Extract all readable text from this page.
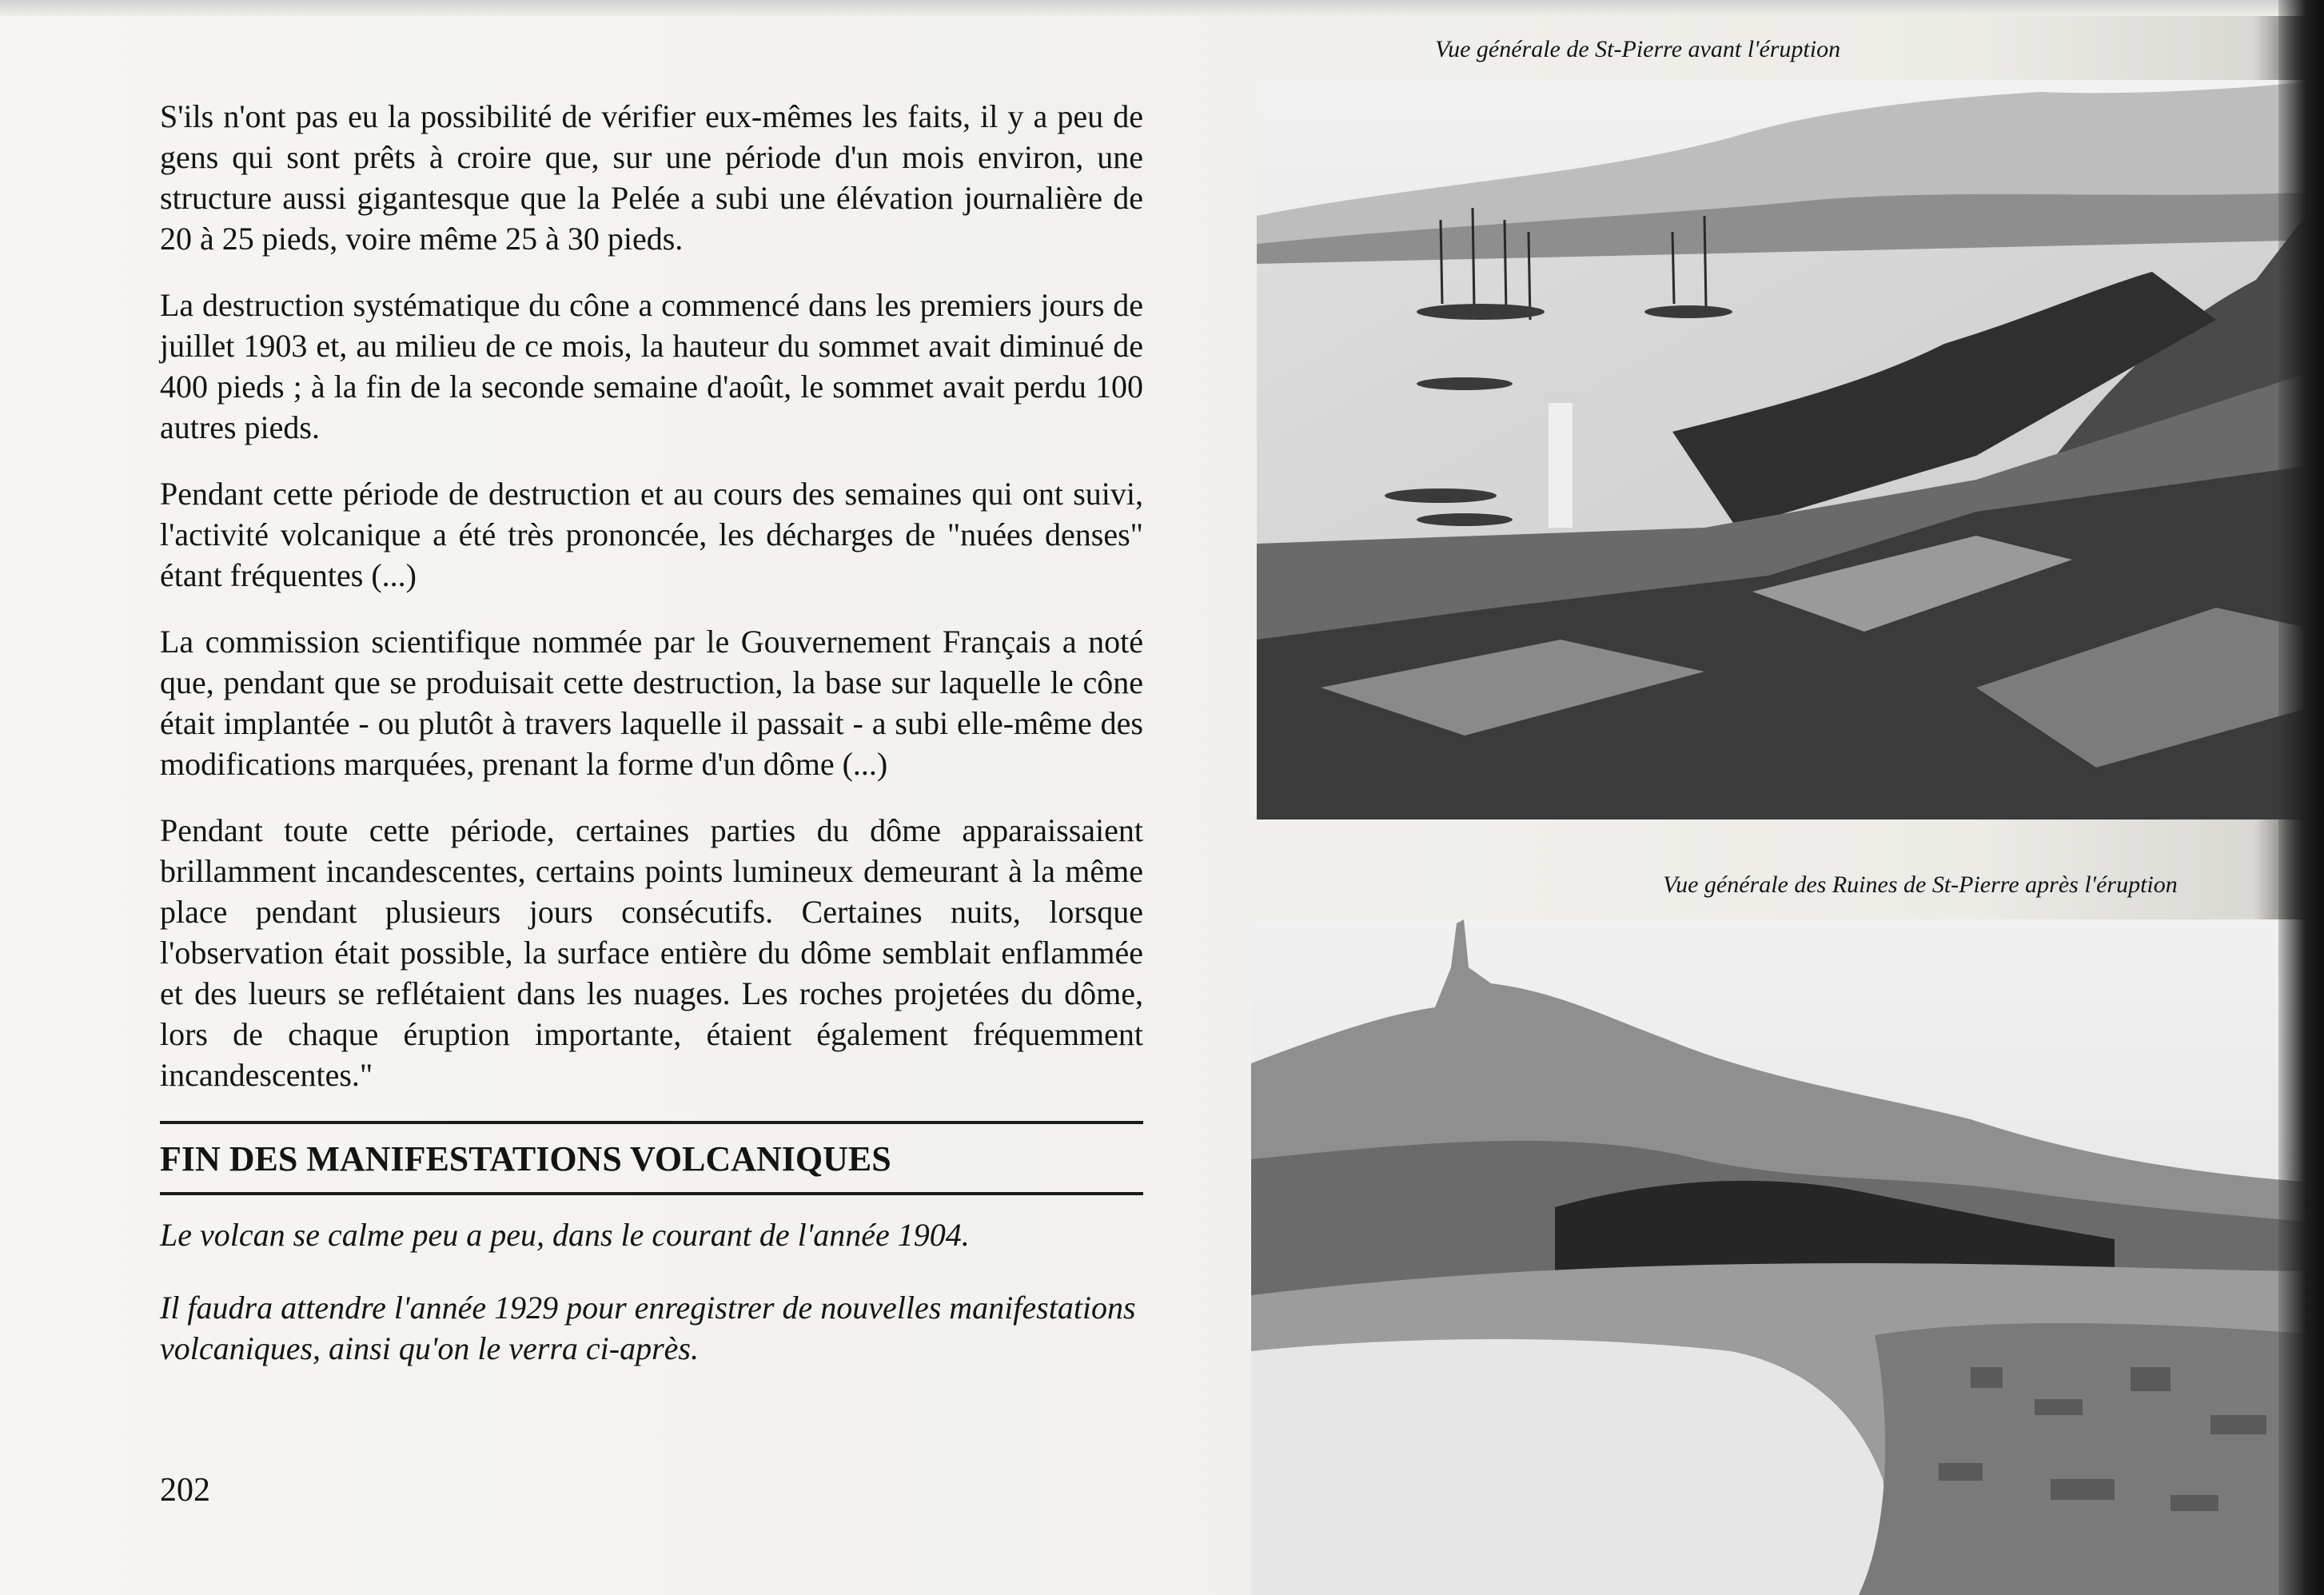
S'ils n'ont pas eu la possibilité de vérifier eux-mêmes les faits, il y a peu de gens qui sont prêts à croire que, sur une période d'un mois environ, une structure aussi gigantesque que la Pelée a subi une élévation journalière de 20 à 25 pieds, voire même 25 à 30 pieds.

La destruction systématique du cône a commencé dans les premiers jours de juillet 1903 et, au milieu de ce mois, la hauteur du sommet avait diminué de 400 pieds ; à la fin de la seconde semaine d'août, le sommet avait perdu 100 autres pieds.

Pendant cette période de destruction et au cours des semaines qui ont suivi, l'activité volcanique a été très prononcée, les décharges de "nuées denses" étant fréquentes (...)

La commission scientifique nommée par le Gouvernement Français a noté que, pendant que se produisait cette destruction, la base sur laquelle le cône était implantée - ou plutôt à travers laquelle il passait - a subi elle-même des modifications marquées, prenant la forme d'un dôme (...)

Pendant toute cette période, certaines parties du dôme apparaissaient brillamment incandescentes, certains points lumineux demeurant à la même place pendant plusieurs jours consécutifs. Certaines nuits, lorsque l'observation était possible, la surface entière du dôme semblait enflammée et des lueurs se reflétaient dans les nuages. Les roches projetées du dôme, lors de chaque éruption importante, étaient également fréquemment incandescentes."

FIN DES MANIFESTATIONS VOLCANIQUES

Le volcan se calme peu a peu, dans le courant de l'année 1904.

Il faudra attendre l'année 1929 pour enregistrer de nouvelles manifestations volcaniques, ainsi qu'on le verra ci-après.

202
Vue générale de St-Pierre avant l'éruption
Vue générale des Ruines de St-Pierre après l'éruption
